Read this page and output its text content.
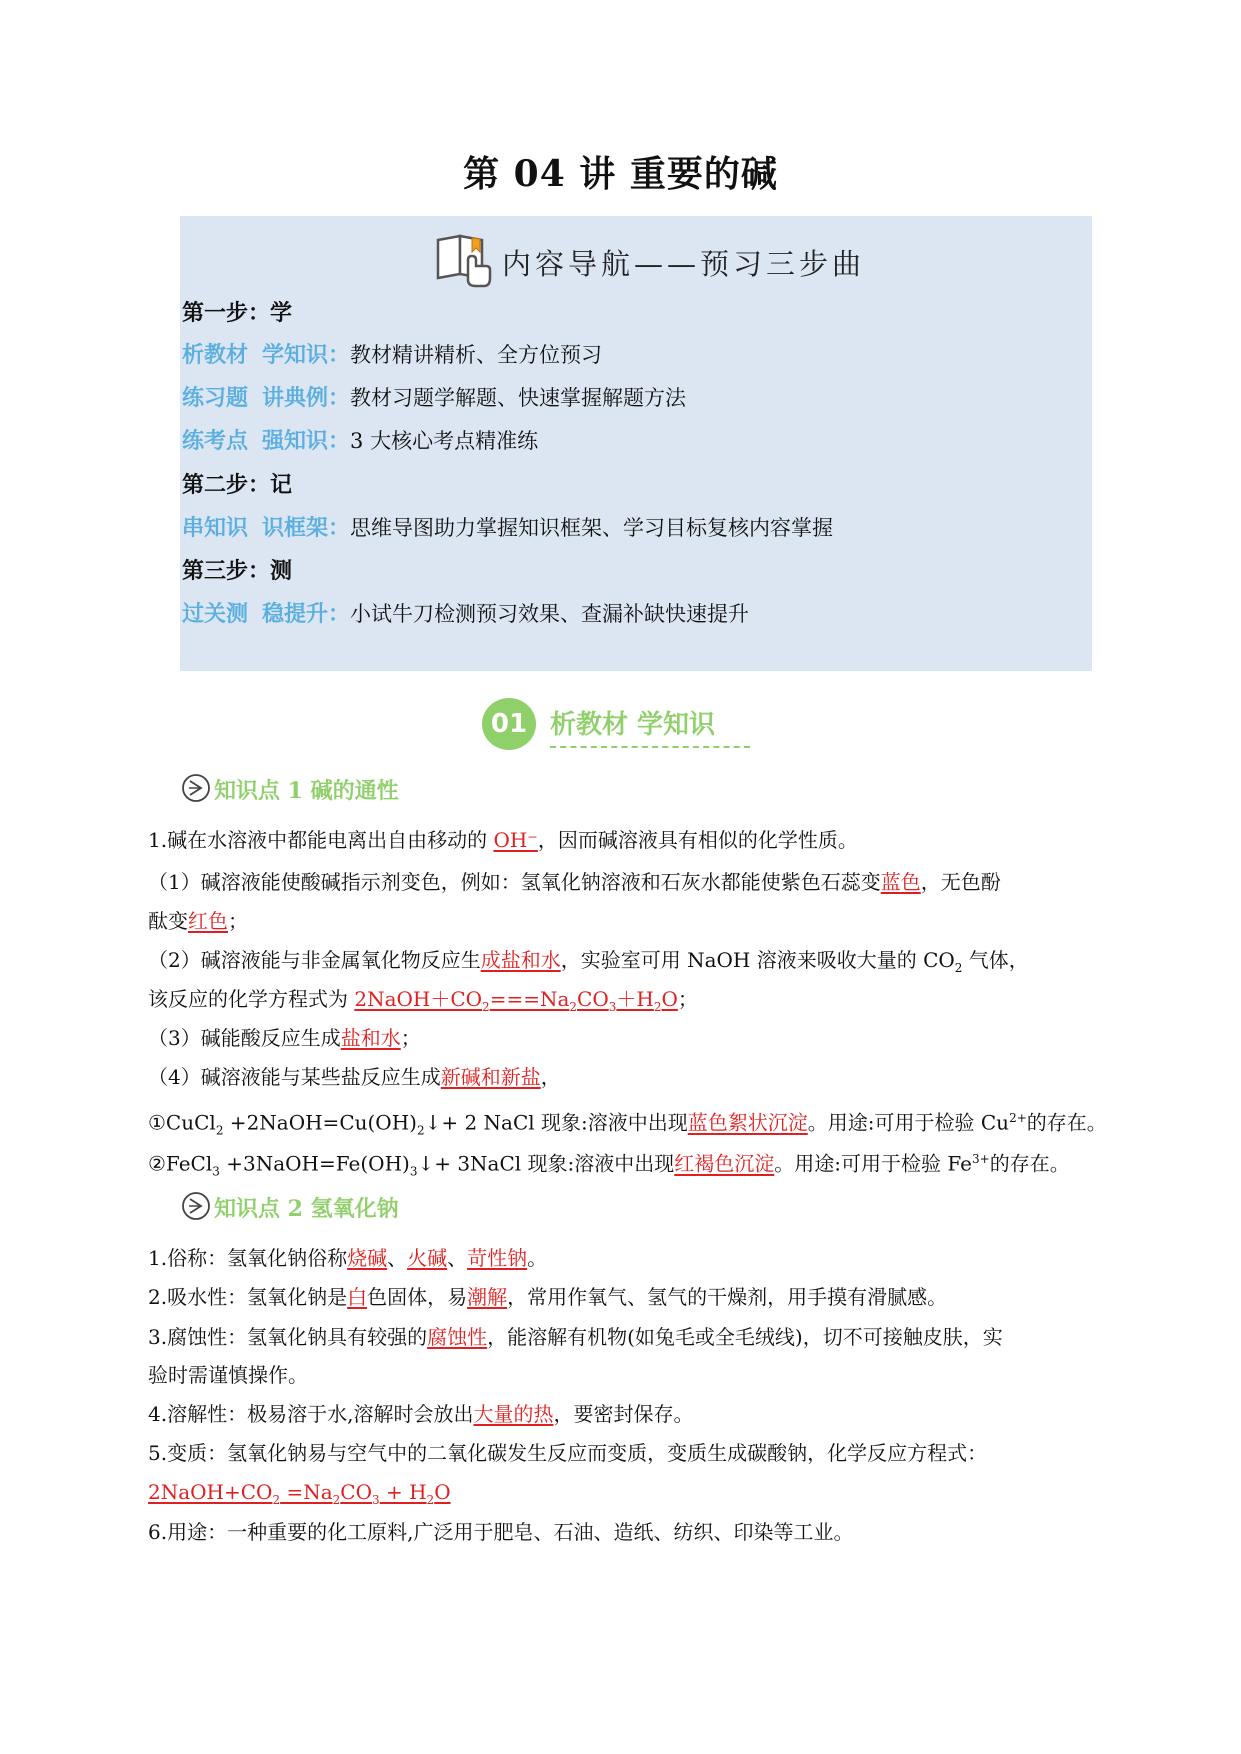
第 04 讲 重要的碱
内容导航——预习三步曲
第一步：学
析教材 学知识：教材精讲精析、全方位预习
练习题 讲典例：教材习题学解题、快速掌握解题方法
练考点 强知识：3 大核心考点精准练
第二步：记
串知识 识框架：思维导图助力掌握知识框架、学习目标复核内容掌握
第三步：测
过关测 稳提升：小试牛刀检测预习效果、查漏补缺快速提升
01 析教材 学知识
知识点 1 碱的通性
1.碱在水溶液中都能电离出自由移动的 OH⁻，因而碱溶液具有相似的化学性质。
（1）碱溶液能使酸碱指示剂变色，例如：氢氧化钠溶液和石灰水都能使紫色石蕊变蓝色，无色酚
酞变红色；
（2）碱溶液能与非金属氧化物反应生成盐和水，实验室可用 NaOH 溶液来吸收大量的 $CO_2$ 气体，
该反应的化学方程式为 $2NaOH+CO_2===Na_2CO_3+H_2O$；
（3）碱能酸反应生成盐和水；
（4）碱溶液能与某些盐反应生成新碱和新盐，
①CuCl$_2$ $+2NaOH=Cu(OH)_2↓+ 2$ NaCl 现象:溶液中出现蓝色絮状沉淀。用途:可用于检验 $Cu^{2+}$的存在。
②FeCl$_3$ $+3NaOH=Fe(OH)_3↓+$ 3NaCl 现象:溶液中出现红褐色沉淀。用途:可用于检验 $Fe^{3+}$的存在。
知识点 2 氢氧化钠
1.俗称：氢氧化钠俗称烧碱、火碱、苛性钠。
2.吸水性：氢氧化钠是白色固体，易潮解，常用作氧气、氢气的干燥剂，用手摸有滑腻感。
3.腐蚀性：氢氧化钠具有较强的腐蚀性，能溶解有机物(如兔毛或全毛绒线)，切不可接触皮肤，实
验时需谨慎操作。
4.溶解性：极易溶于水,溶解时会放出大量的热，要密封保存。
5.变质：氢氧化钠易与空气中的二氧化碳发生反应而变质，变质生成碳酸钠，化学反应方程式：
$2NaOH+CO_2 =Na_2CO_3 + H_2O$
6.用途：一种重要的化工原料,广泛用于肥皂、石油、造纸、纺织、印染等工业。
